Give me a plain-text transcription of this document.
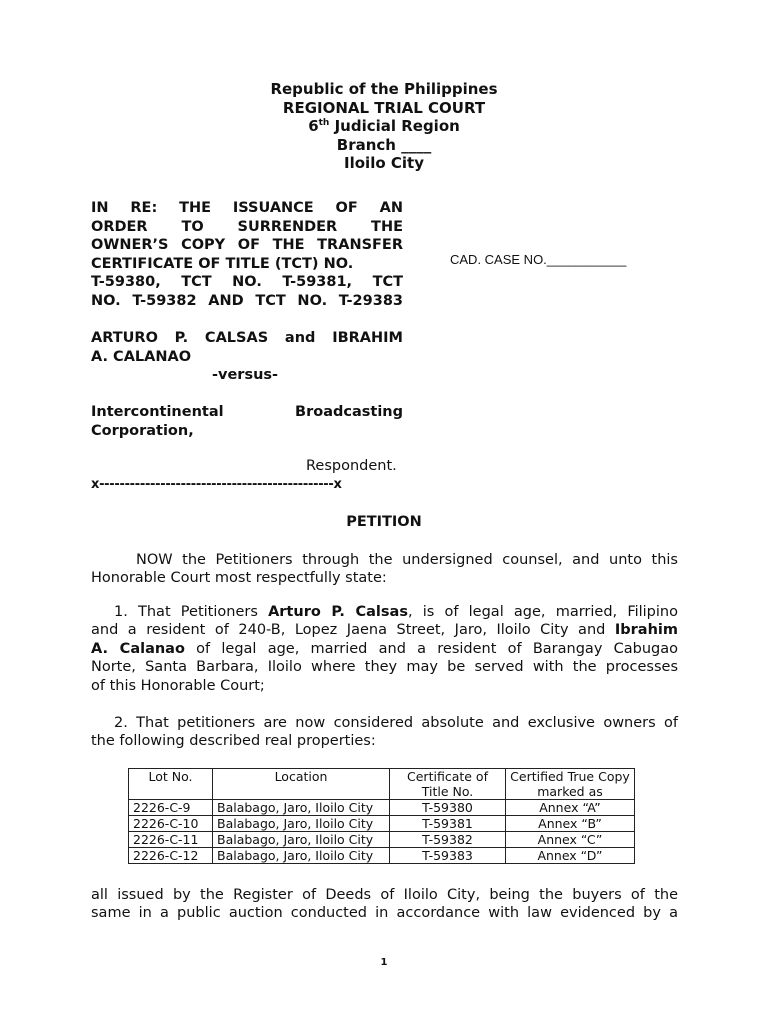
Republic of the Philippines
REGIONAL TRIAL COURT
6th Judicial Region
Branch ____
Iloilo City
IN RE: THE ISSUANCE OF AN
ORDER TO SURRENDER THE
OWNER’S COPY OF THE TRANSFER
CERTIFICATE OF TITLE (TCT) NO.
T-59380, TCT NO. T-59381, TCT
NO. T-59382 AND TCT NO. T-29383
CAD. CASE NO.___________
ARTURO P. CALSAS and IBRAHIM
A. CALANAO
-versus-
Intercontinental Broadcasting
Corporation,
Respondent.
x----------------------------------------------x
PETITION
NOW the Petitioners through the undersigned counsel, and unto this
Honorable Court most respectfully state:
1. That Petitioners Arturo P. Calsas, is of legal age, married, Filipino
and a resident of 240-B, Lopez Jaena Street, Jaro, Iloilo City and Ibrahim
A. Calanao of legal age, married and a resident of Barangay Cabugao
Norte, Santa Barbara, Iloilo where they may be served with the processes
of this Honorable Court;
2. That petitioners are now considered absolute and exclusive owners of
the following described real properties:
Lot No.	Location	Certificate of Title No.	Certified True Copy marked as
2226-C-9	Balabago, Jaro, Iloilo City	T-59380	Annex “A”
2226-C-10	Balabago, Jaro, Iloilo City	T-59381	Annex “B”
2226-C-11	Balabago, Jaro, Iloilo City	T-59382	Annex “C”
2226-C-12	Balabago, Jaro, Iloilo City	T-59383	Annex “D”
all issued by the Register of Deeds of Iloilo City, being the buyers of the
same in a public auction conducted in accordance with law evidenced by a
1
